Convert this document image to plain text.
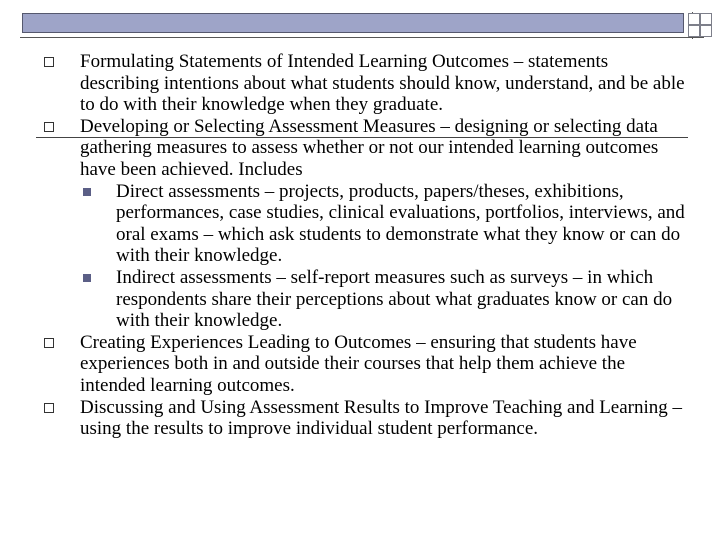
Formulating Statements of Intended Learning Outcomes – statements describing intentions about what students should know, understand, and be able to do with their knowledge when they graduate.
Developing or Selecting Assessment Measures – designing or selecting data gathering measures to assess whether or not our intended learning outcomes have been achieved. Includes
Direct assessments – projects, products, papers/theses, exhibitions, performances, case studies, clinical evaluations, portfolios, interviews, and oral exams – which ask students to demonstrate what they know or can do with their knowledge.
Indirect assessments – self-report measures such as surveys – in which respondents share their perceptions about what graduates know or can do with their knowledge.
Creating Experiences Leading to Outcomes – ensuring that students have experiences both in and outside their courses that help them achieve the intended learning outcomes.
Discussing and Using Assessment Results to Improve Teaching and Learning – using the results to improve individual student performance.
